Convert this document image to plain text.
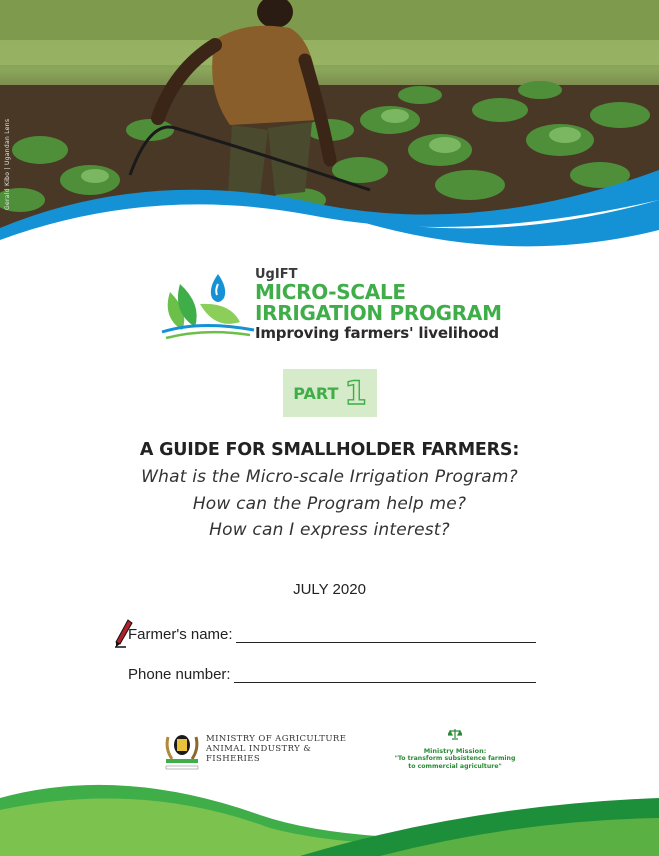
Gerald Kibo | Ugandan Lens
UgIFT
MICRO-SCALE
IRRIGATION PROGRAM
Improving farmers' livelihood
PART 1
A GUIDE FOR SMALLHOLDER FARMERS:
What is the Micro-scale Irrigation Program?
How can the Program help me?
How can I express interest?
JULY 2020
Farmer's name:
Phone number:
MINISTRY OF AGRICULTURE
ANIMAL INDUSTRY &
FISHERIES
Ministry Mission:
"To transform subsistence farming
to commercial agriculture"
